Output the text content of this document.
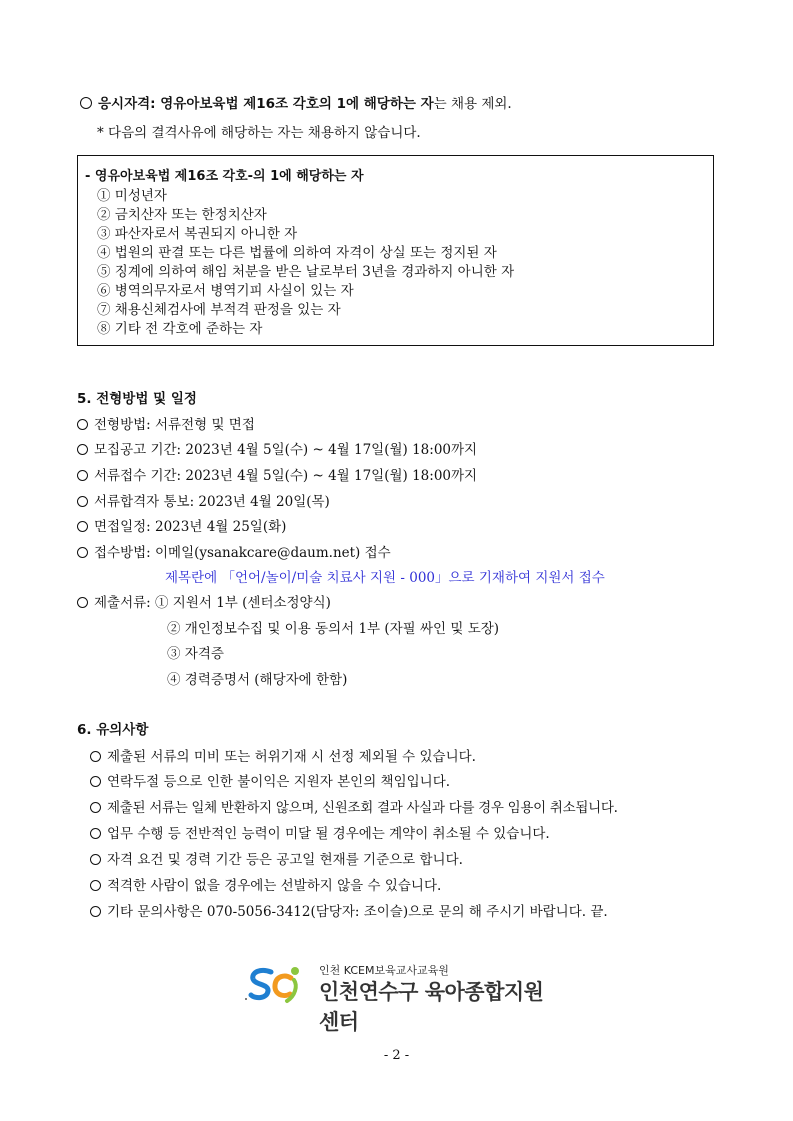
응시자격: 영유아보육법 제16조 각호의 1에 해당하는 자는 채용 제외.
* 다음의 결격사유에 해당하는 자는 채용하지 않습니다.
- 영유아보육법 제16조 각호-의 1에 해당하는 자
① 미성년자
② 금치산자 또는 한정치산자
③ 파산자로서 복권되지 아니한 자
④ 법원의 판결 또는 다른 법률에 의하여 자격이 상실 또는 정지된 자
⑤ 징계에 의하여 해임 처분을 받은 날로부터 3년을 경과하지 아니한 자
⑥ 병역의무자로서 병역기피 사실이 있는 자
⑦ 채용신체검사에 부적격 판정을 있는 자
⑧ 기타 전 각호에 준하는 자
5. 전형방법 및 일정
전형방법: 서류전형 및 면접
모집공고 기간: 2023년 4월 5일(수) ~ 4월 17일(월) 18:00까지
서류접수 기간: 2023년 4월 5일(수) ~ 4월 17일(월) 18:00까지
서류합격자 통보: 2023년 4월 20일(목)
면접일정: 2023년 4월 25일(화)
접수방법: 이메일(ysanakcare@daum.net) 접수
제목란에 「언어/놀이/미술 치료사 지원 - 000」으로 기재하여 지원서 접수
제출서류: ① 지원서 1부 (센터소정양식)
② 개인정보수집 및 이용 동의서 1부 (자필 싸인 및 도장)
③ 자격증
④ 경력증명서 (해당자에 한함)
6. 유의사항
제출된 서류의 미비 또는 허위기재 시 선정 제외될 수 있습니다.
연락두절 등으로 인한 불이익은 지원자 본인의 책임입니다.
제출된 서류는 일체 반환하지 않으며, 신원조회 결과 사실과 다를 경우 임용이 취소됩니다.
업무 수행 등 전반적인 능력이 미달 될 경우에는 계약이 취소될 수 있습니다.
자격 요건 및 경력 기간 등은 공고일 현재를 기준으로 합니다.
적격한 사람이 없을 경우에는 선발하지 않을 수 있습니다.
기타 문의사항은 070-5056-3412(담당자: 조이슬)으로 문의 해 주시기 바랍니다. 끝.
인천 KCEM보육교사교육원
인천연수구 육아종합지원센터
- 2 -
